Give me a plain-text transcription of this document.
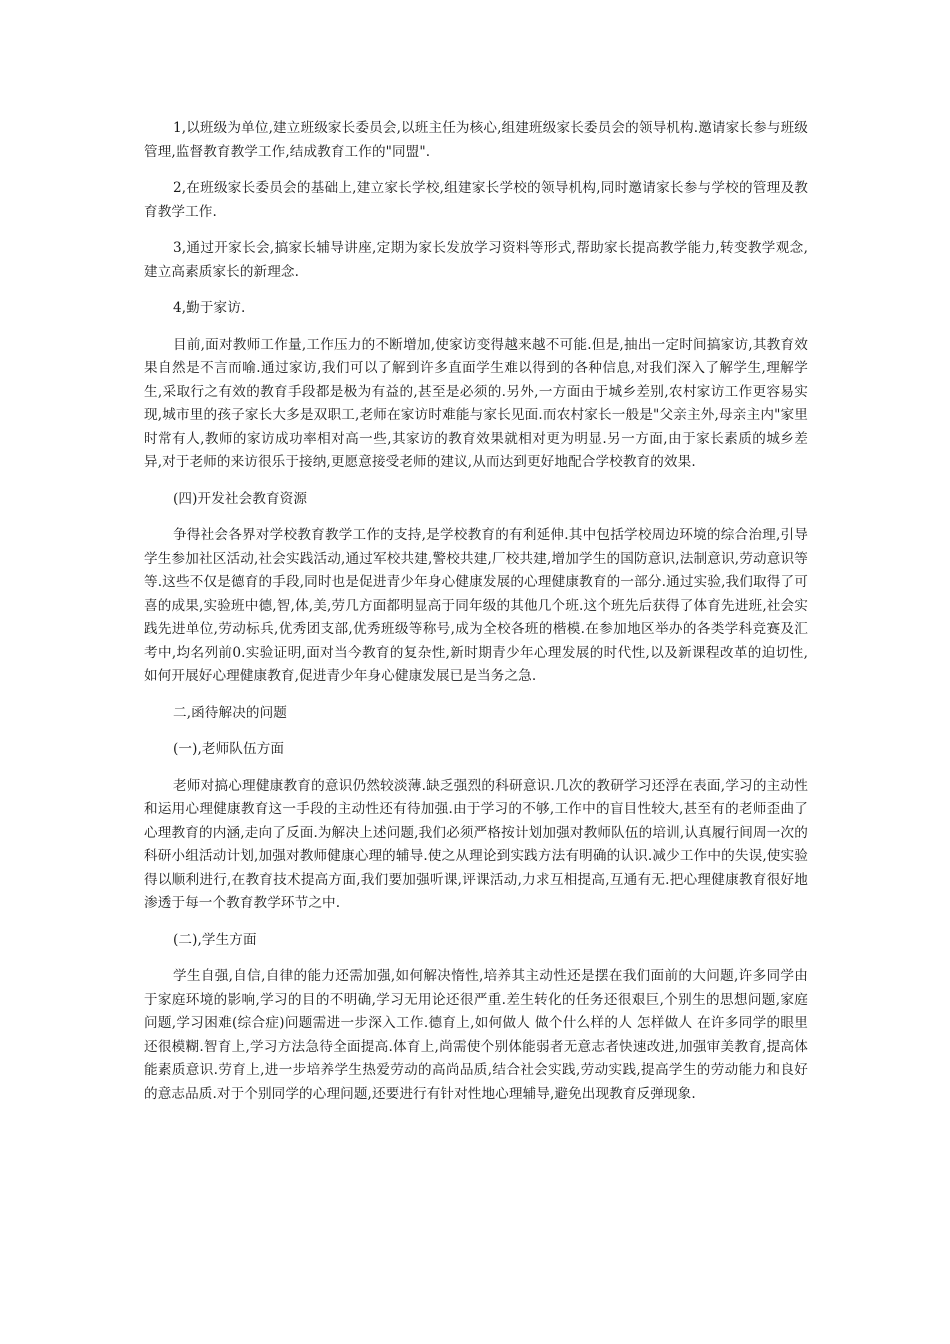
1,以班级为单位,建立班级家长委员会,以班主任为核心,组建班级家长委员会的领导机构.邀请家长参与班级管理,监督教育教学工作,结成教育工作的"同盟".

2,在班级家长委员会的基础上,建立家长学校,组建家长学校的领导机构,同时邀请家长参与学校的管理及教育教学工作.

3,通过开家长会,搞家长辅导讲座,定期为家长发放学习资料等形式,帮助家长提高教学能力,转变教学观念,建立高素质家长的新理念.

4,勤于家访.

目前,面对教师工作量,工作压力的不断增加,使家访变得越来越不可能.但是,抽出一定时间搞家访,其教育效果自然是不言而喻.通过家访,我们可以了解到许多直面学生难以得到的各种信息,对我们深入了解学生,理解学生,采取行之有效的教育手段都是极为有益的,甚至是必须的.另外,一方面由于城乡差别,农村家访工作更容易实现,城市里的孩子家长大多是双职工,老师在家访时难能与家长见面.而农村家长一般是"父亲主外,母亲主内"家里时常有人,教师的家访成功率相对高一些,其家访的教育效果就相对更为明显.另一方面,由于家长素质的城乡差异,对于老师的来访很乐于接纳,更愿意接受老师的建议,从而达到更好地配合学校教育的效果.

(四)开发社会教育资源

争得社会各界对学校教育教学工作的支持,是学校教育的有利延伸.其中包括学校周边环境的综合治理,引导学生参加社区活动,社会实践活动,通过军校共建,警校共建,厂校共建,增加学生的国防意识,法制意识,劳动意识等等.这些不仅是德育的手段,同时也是促进青少年身心健康发展的心理健康教育的一部分.通过实验,我们取得了可喜的成果,实验班中德,智,体,美,劳几方面都明显高于同年级的其他几个班.这个班先后获得了体育先进班,社会实践先进单位,劳动标兵,优秀团支部,优秀班级等称号,成为全校各班的楷模.在参加地区举办的各类学科竞赛及汇考中,均名列前0.实验证明,面对当今教育的复杂性,新时期青少年心理发展的时代性,以及新课程改革的迫切性,如何开展好心理健康教育,促进青少年身心健康发展已是当务之急.

二,函待解决的问题

(一),老师队伍方面

老师对搞心理健康教育的意识仍然较淡薄.缺乏强烈的科研意识.几次的教研学习还浮在表面,学习的主动性和运用心理健康教育这一手段的主动性还有待加强.由于学习的不够,工作中的盲目性较大,甚至有的老师歪曲了心理教育的内涵,走向了反面.为解决上述问题,我们必须严格按计划加强对教师队伍的培训,认真履行间周一次的科研小组活动计划,加强对教师健康心理的辅导.使之从理论到实践方法有明确的认识.减少工作中的失误,使实验得以顺利进行,在教育技术提高方面,我们要加强听课,评课活动,力求互相提高,互通有无.把心理健康教育很好地渗透于每一个教育教学环节之中.

(二),学生方面

学生自强,自信,自律的能力还需加强,如何解决惰性,培养其主动性还是摆在我们面前的大问题,许多同学由于家庭环境的影响,学习的目的不明确,学习无用论还很严重.差生转化的任务还很艰巨,个别生的思想问题,家庭问题,学习困难(综合症)问题需进一步深入工作.德育上,如何做人 做个什么样的人 怎样做人 在许多同学的眼里还很模糊.智育上,学习方法急待全面提高.体育上,尚需使个别体能弱者无意志者快速改进,加强审美教育,提高体能素质意识.劳育上,进一步培养学生热爱劳动的高尚品质,结合社会实践,劳动实践,提高学生的劳动能力和良好的意志品质.对于个别同学的心理问题,还要进行有针对性地心理辅导,避免出现教育反弹现象.
